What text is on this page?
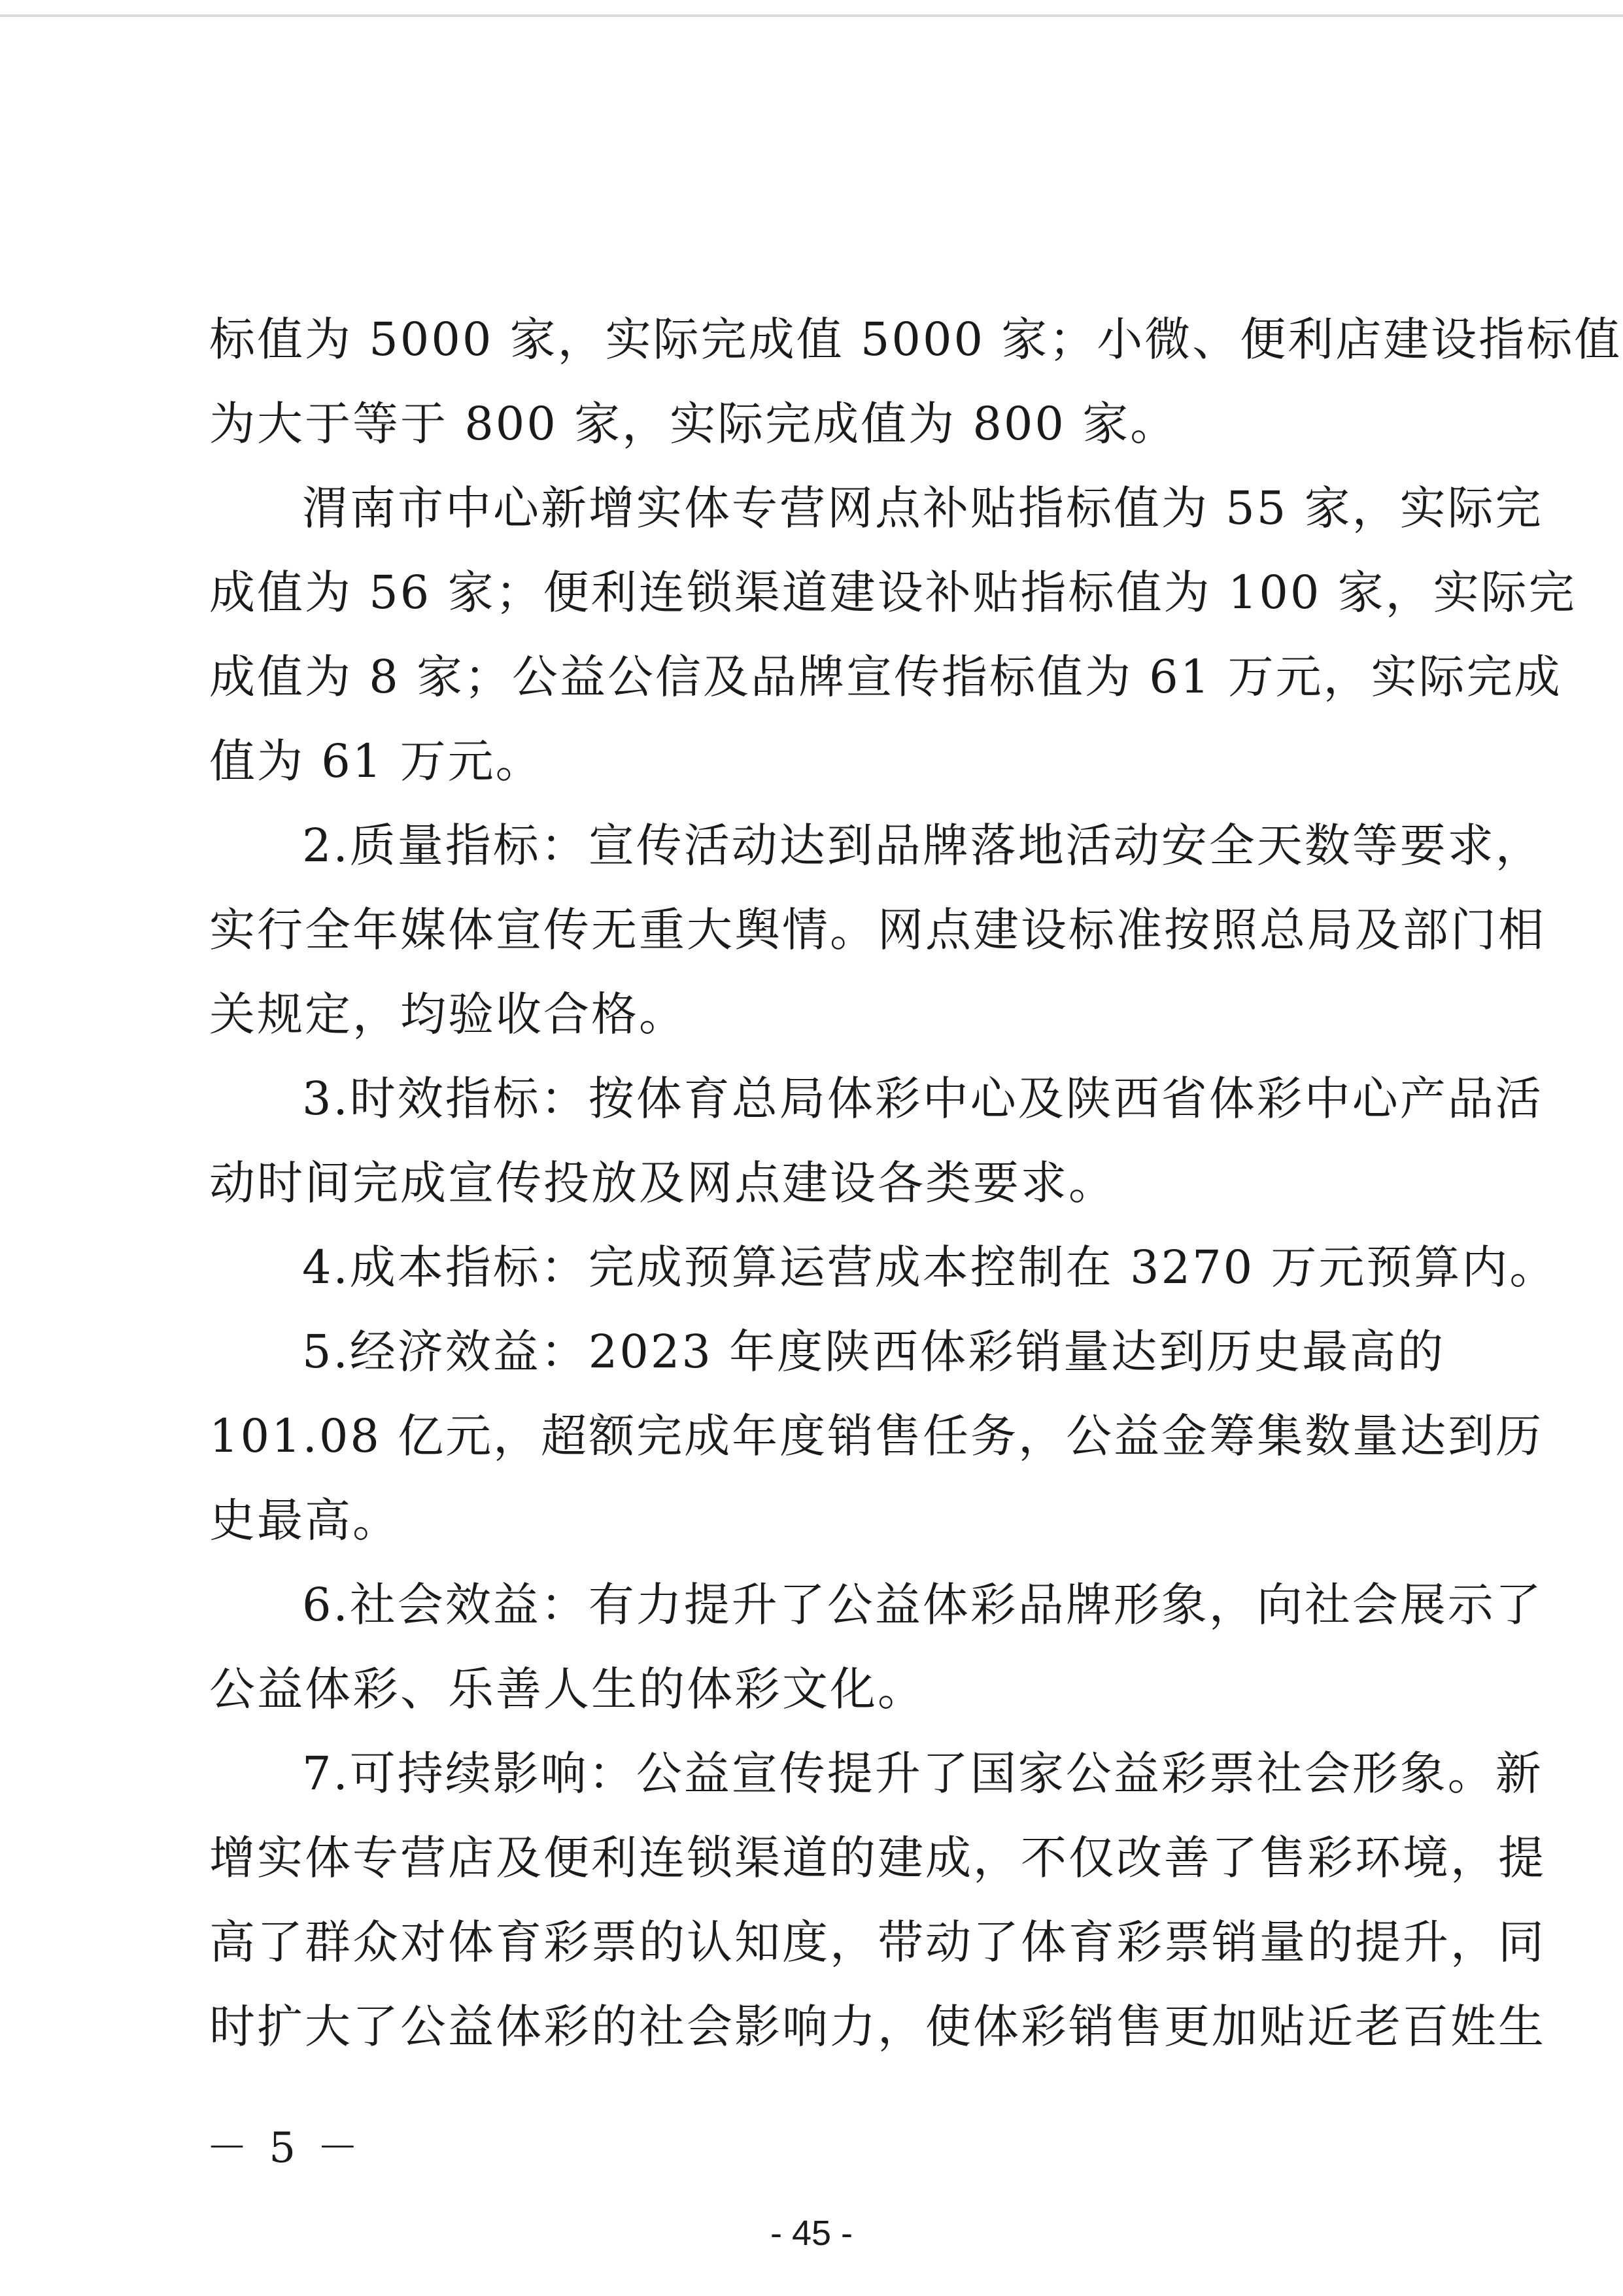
标值为 5000 家，实际完成值 5000 家；小微、便利店建设指标值
为大于等于 800 家，实际完成值为 800 家。
渭南市中心新增实体专营网点补贴指标值为 55 家，实际完
成值为 56 家；便利连锁渠道建设补贴指标值为 100 家，实际完
成值为 8 家；公益公信及品牌宣传指标值为 61 万元，实际完成
值为 61 万元。
2.质量指标：宣传活动达到品牌落地活动安全天数等要求，
实行全年媒体宣传无重大舆情。网点建设标准按照总局及部门相
关规定，均验收合格。
3.时效指标：按体育总局体彩中心及陕西省体彩中心产品活
动时间完成宣传投放及网点建设各类要求。
4.成本指标：完成预算运营成本控制在 3270 万元预算内。
5.经济效益：2023 年度陕西体彩销量达到历史最高的
101.08 亿元，超额完成年度销售任务，公益金筹集数量达到历
史最高。
6.社会效益：有力提升了公益体彩品牌形象，向社会展示了
公益体彩、乐善人生的体彩文化。
7.可持续影响：公益宣传提升了国家公益彩票社会形象。新
增实体专营店及便利连锁渠道的建成，不仅改善了售彩环境，提
高了群众对体育彩票的认知度，带动了体育彩票销量的提升，同
时扩大了公益体彩的社会影响力，使体彩销售更加贴近老百姓生
－ 5 －
- 45 -
